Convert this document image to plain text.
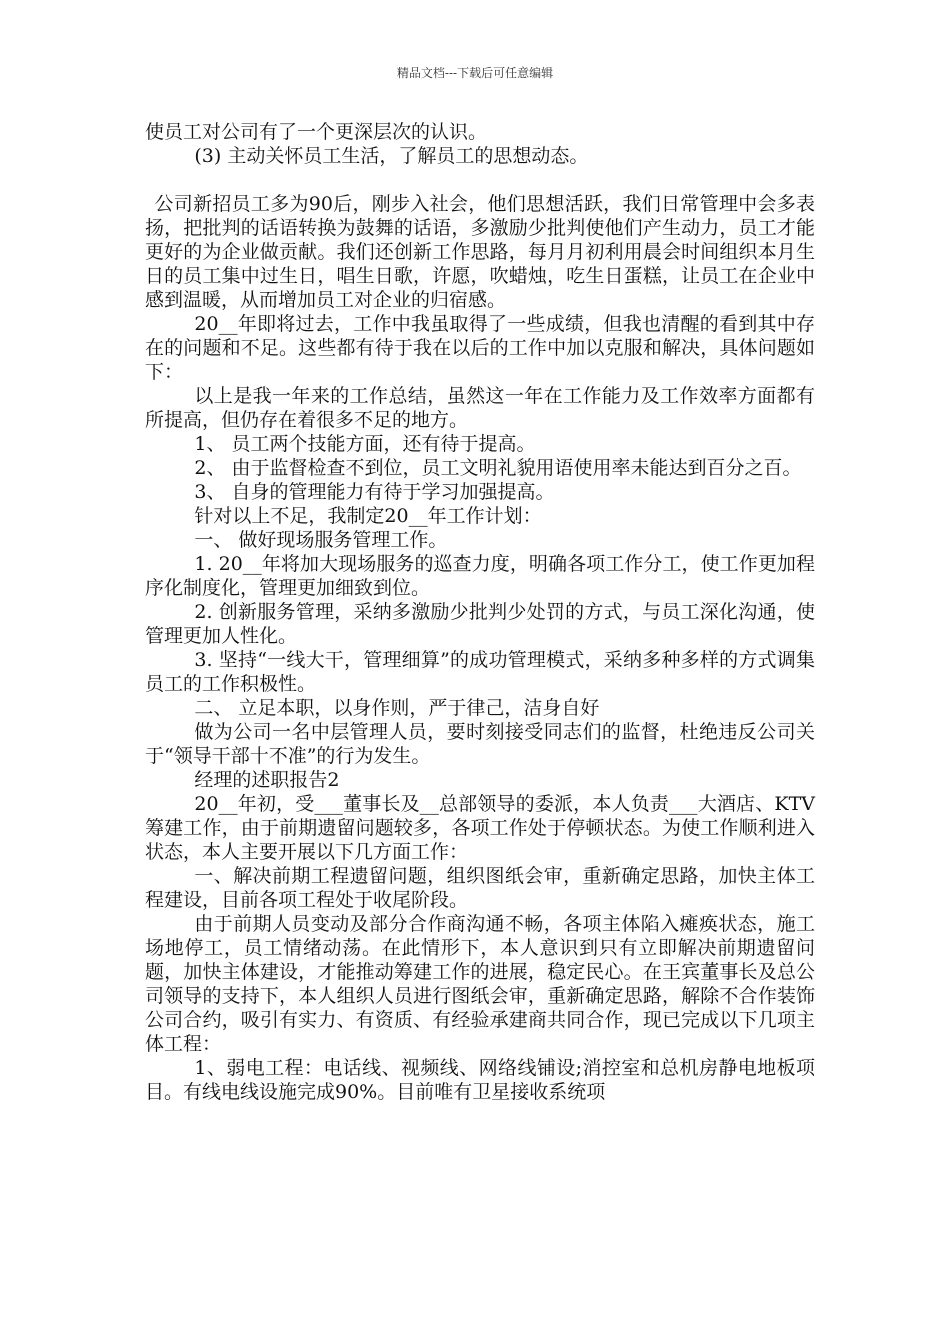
精品文档---下载后可任意编辑

使员工对公司有了一个更深层次的认识。

(3) 主动关怀员工生活，了解员工的思想动态。

公司新招员工多为90后，刚步入社会，他们思想活跃，我们日常管理中会多表扬，把批判的话语转换为鼓舞的话语，多激励少批判使他们产生动力，员工才能更好的为企业做贡献。我们还创新工作思路，每月月初利用晨会时间组织本月生日的员工集中过生日，唱生日歌，许愿，吹蜡烛，吃生日蛋糕，让员工在企业中感到温暖，从而增加员工对企业的归宿感。

20__年即将过去，工作中我虽取得了一些成绩，但我也清醒的看到其中存在的问题和不足。这些都有待于我在以后的工作中加以克服和解决，具体问题如下：

以上是我一年来的工作总结，虽然这一年在工作能力及工作效率方面都有所提高，但仍存在着很多不足的地方。

1、 员工两个技能方面，还有待于提高。

2、 由于监督检查不到位，员工文明礼貌用语使用率未能达到百分之百。

3、 自身的管理能力有待于学习加强提高。

针对以上不足，我制定20__年工作计划：

一、 做好现场服务管理工作。

1. 20__年将加大现场服务的巡查力度，明确各项工作分工，使工作更加程序化制度化，管理更加细致到位。

2. 创新服务管理，采纳多激励少批判少处罚的方式，与员工深化沟通，使管理更加人性化。

3. 坚持“一线大干，管理细算”的成功管理模式，采纳多种多样的方式调集员工的工作积极性。

二、 立足本职，以身作则，严于律己，洁身自好

做为公司一名中层管理人员，要时刻接受同志们的监督，杜绝违反公司关于“领导干部十不准”的行为发生。

经理的述职报告2

20__年初，受___董事长及__总部领导的委派，本人负责___大酒店、KTV筹建工作，由于前期遗留问题较多，各项工作处于停顿状态。为使工作顺利进入状态，本人主要开展以下几方面工作：

一、解决前期工程遗留问题，组织图纸会审，重新确定思路，加快主体工程建设，目前各项工程处于收尾阶段。

由于前期人员变动及部分合作商沟通不畅，各项主体陷入瘫痪状态，施工场地停工，员工情绪动荡。在此情形下，本人意识到只有立即解决前期遗留问题，加快主体建设，才能推动筹建工作的进展，稳定民心。在王宾董事长及总公司领导的支持下，本人组织人员进行图纸会审，重新确定思路，解除不合作装饰公司合约，吸引有实力、有资质、有经验承建商共同合作，现已完成以下几项主体工程：

1、弱电工程：电话线、视频线、网络线铺设;消控室和总机房静电地板项目。有线电线设施完成90%。目前唯有卫星接收系统项
